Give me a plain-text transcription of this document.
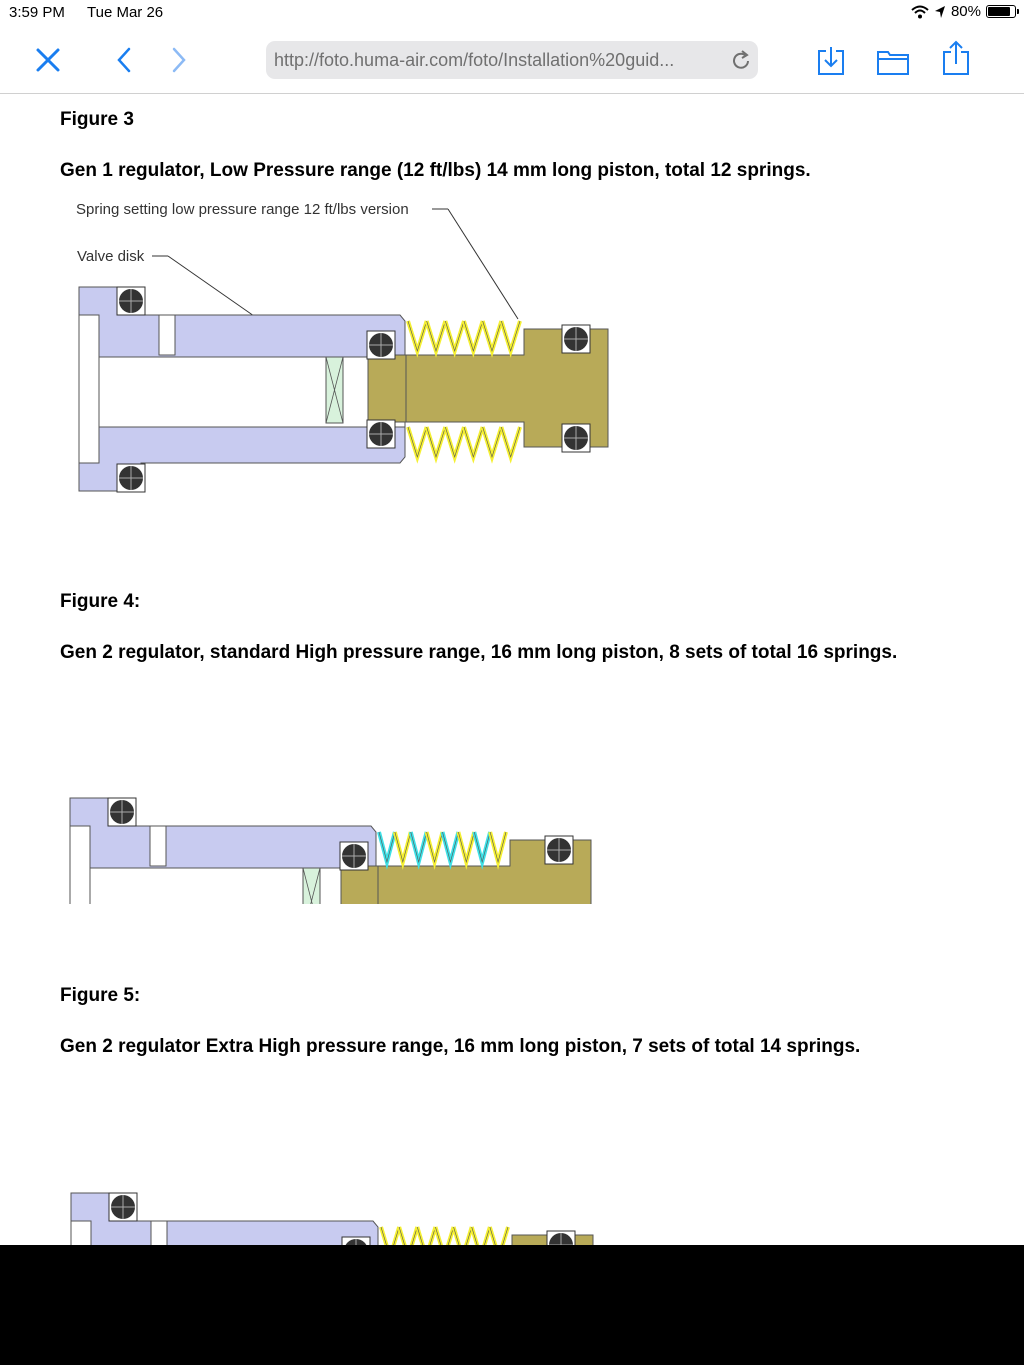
3:59 PM Tue Mar 26	80%
http://foto.huma-air.com/foto/Installation%20guid...
Figure 3
Gen 1 regulator, Low Pressure range (12 ft/lbs) 14 mm long piston, total 12 springs.
Spring setting low pressure range 12 ft/lbs version
Valve disk
Figure 4:
Gen 2 regulator, standard High pressure range, 16 mm long piston, 8 sets of total 16 springs.
Figure 5:
Gen 2 regulator Extra High pressure range, 16 mm long piston, 7 sets of total 14 springs.
